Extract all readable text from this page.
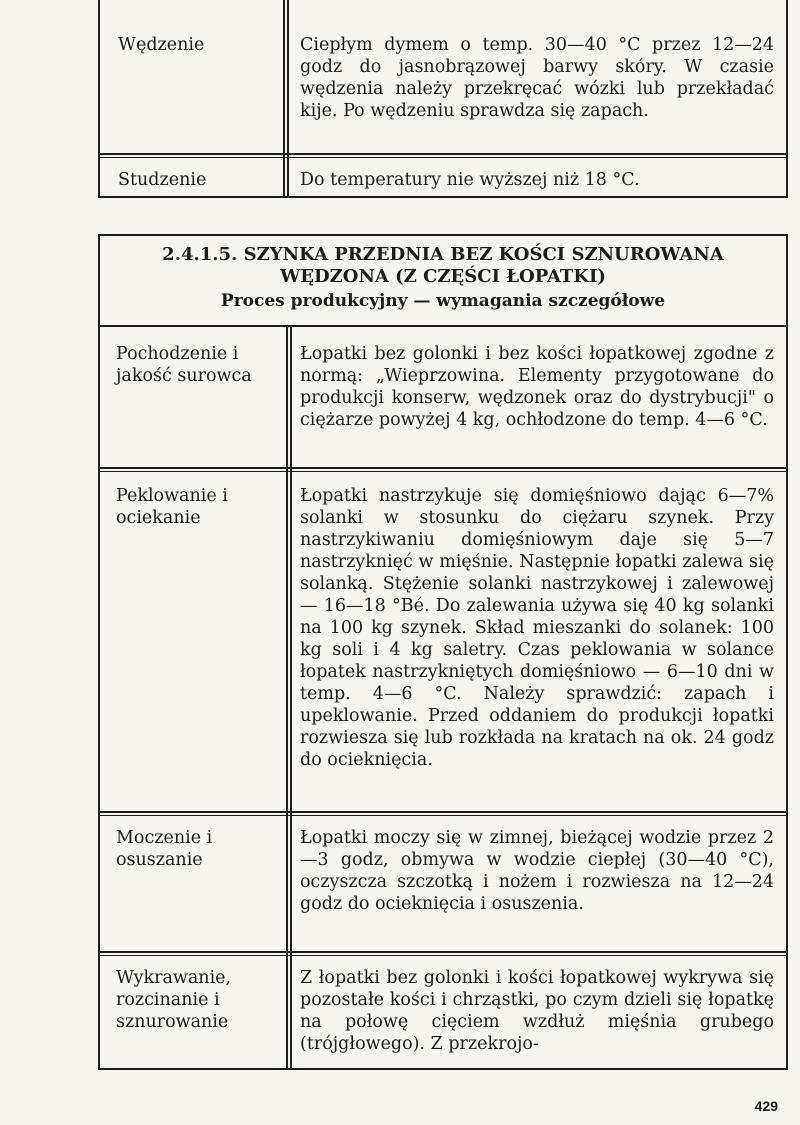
Wędzenie	Ciepłym dymem o temp. 30—40 °C przez 12—24 godz do jasnobrązowej barwy skóry. W czasie wędzenia należy przekręcać wózki lub przekładać kije. Po wędzeniu sprawdza się zapach.
Studzenie	Do temperatury nie wyższej niż 18 °C.
2.4.1.5. SZYNKA PRZEDNIA BEZ KOŚCI SZNUROWANA
WĘDZONA (Z CZĘŚCI ŁOPATKI)
Proces produkcyjny — wymagania szczegółowe
Pochodzenie i jakość surowca
Łopatki bez golonki i bez kości łopatkowej zgodne z normą: „Wieprzowina. Elementy przygotowane do produkcji konserw, wędzonek oraz do dystrybucji" o ciężarze powyżej 4 kg, ochłodzone do temp. 4—6 °C.
Peklowanie i ociekanie
Łopatki nastrzykuje się domięśniowo dając 6—7% solanki w stosunku do ciężaru szynek. Przy nastrzykiwaniu domięśniowym daje się 5—7 nastrzyknięć w mięśnie. Następnie łopatki zalewa się solanką. Stężenie solanki nastrzykowej i zalewowej — 16—18 °Bé. Do zalewania używa się 40 kg solanki na 100 kg szynek. Skład mieszanki do solanek: 100 kg soli i 4 kg saletry. Czas peklowania w solance łopatek nastrzykniętych domięśniowo — 6—10 dni w temp. 4—6 °C. Należy sprawdzić: zapach i upeklowanie. Przed oddaniem do produkcji łopatki rozwiesza się lub rozkłada na kratach na ok. 24 godz do ocieknięcia.
Moczenie i osuszanie
Łopatki moczy się w zimnej, bieżącej wodzie przez 2—3 godz, obmywa w wodzie ciepłej (30—40 °C), oczyszcza szczotką i nożem i rozwiesza na 12—24 godz do ocieknięcia i osuszenia.
Wykrawanie, rozcinanie i sznurowanie
Z łopatki bez golonki i kości łopatkowej wykrywa się pozostałe kości i chrząstki, po czym dzieli się łopatkę na połowę cięciem wzdłuż mięśnia grubego (trójgłowego). Z przekrojo-
429
